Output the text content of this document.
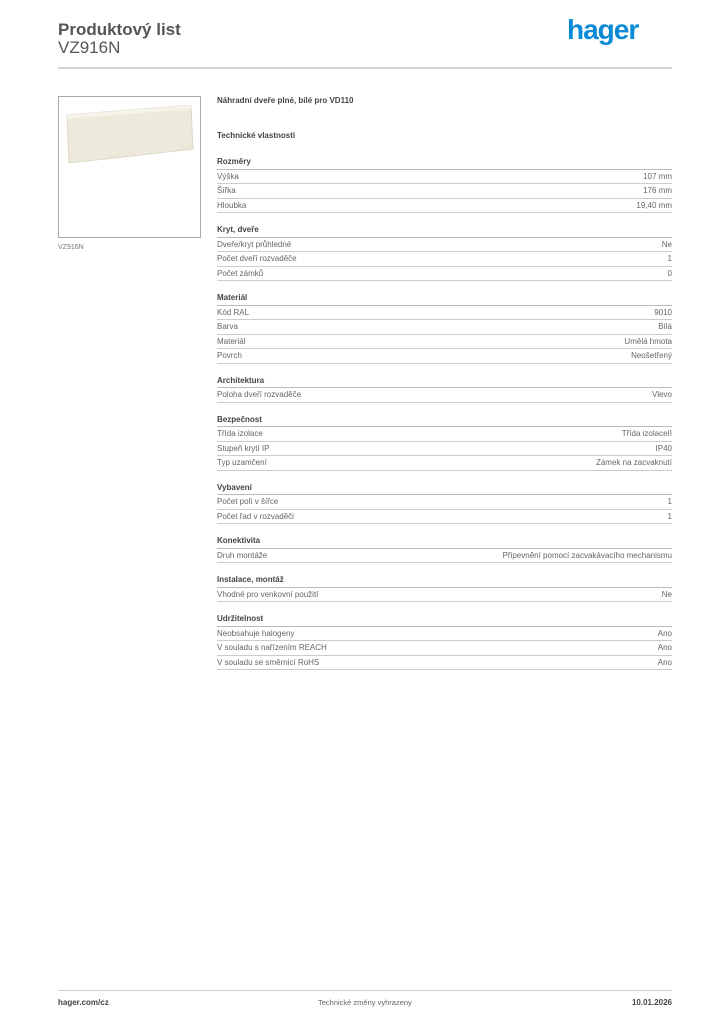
Produktový list
VZ916N
hager
VZ916N
Náhradní dveře plné, bílé pro VD110
Technické vlastnosti
Rozměry
Výška	107 mm
Šířka	176 mm
Hloubka	19,40 mm
Kryt, dveře
Dveře/kryt průhledné	Ne
Počet dveří rozvaděče	1
Počet zámků	0
Materiál
Kód RAL	9010
Barva	Bílá
Materiál	Umělá hmota
Povrch	Neošetřený
Architektura
Poloha dveří rozvaděče	Vlevo
Bezpečnost
Třída izolace	Třída izolaceII
Stupeň krytí IP	IP40
Typ uzamčení	Zámek na zacvaknutí
Vybavení
Počet polí v šířce	1
Počet řad v rozvaděči	1
Konektivita
Druh montáže	Připevnění pomocí zacvakávacího mechanismu
Instalace, montáž
Vhodné pro venkovní použití	Ne
Udržitelnost
Neobsahuje halogeny	Ano
V souladu s nařízením REACH	Ano
V souladu se směrnicí RoHS	Ano
hager.com/cz	Technické změny vyhrazeny	10.01.2026
